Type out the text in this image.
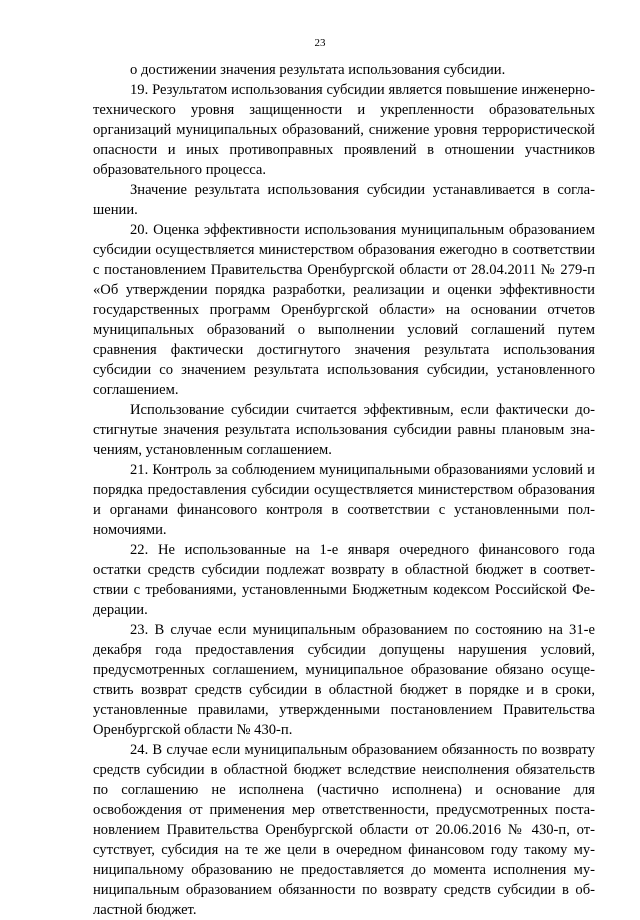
23

о достижении значения результата использования субсидии.

19. Результатом использования субсидии является повышение инженерно-технического уровня защищенности и укрепленности образовательных организаций муниципальных образований, снижение уровня террористической опасности и иных противоправных проявлений в отношении участников образовательного процесса.

Значение результата использования субсидии устанавливается в соглашении.

20. Оценка эффективности использования муниципальным образованием субсидии осуществляется министерством образования ежегодно в соответствии с постановлением Правительства Оренбургской области от 28.04.2011 № 279-п «Об утверждении порядка разработки, реализации и оценки эффективности государственных программ Оренбургской области» на основании отчетов муниципальных образований о выполнении условий соглашений путем сравнения фактически достигнутого значения результата использования субсидии со значением результата использования субсидии, установленного соглашением.

Использование субсидии считается эффективным, если фактически достигнутые значения результата использования субсидии равны плановым значениям, установленным соглашением.

21. Контроль за соблюдением муниципальными образованиями условий и порядка предоставления субсидии осуществляется министерством образования и органами финансового контроля в соответствии с установленными полномочиями.

22. Не использованные на 1-е января очередного финансового года остатки средств субсидии подлежат возврату в областной бюджет в соответствии с требованиями, установленными Бюджетным кодексом Российской Федерации.

23. В случае если муниципальным образованием по состоянию на 31-е декабря года предоставления субсидии допущены нарушения условий, предусмотренных соглашением, муниципальное образование обязано осуществить возврат средств субсидии в областной бюджет в порядке и в сроки, установленные правилами, утвержденными постановлением Правительства Оренбургской области № 430-п.

24. В случае если муниципальным образованием обязанность по возврату средств субсидии в областной бюджет вследствие неисполнения обязательств по соглашению не исполнена (частично исполнена) и основание для освобождения от применения мер ответственности, предусмотренных постановлением Правительства Оренбургской области от 20.06.2016 № 430-п, отсутствует, субсидия на те же цели в очередном финансовом году такому муниципальному образованию не предоставляется до момента исполнения муниципальным образованием обязанности по возврату средств субсидии в областной бюджет.
